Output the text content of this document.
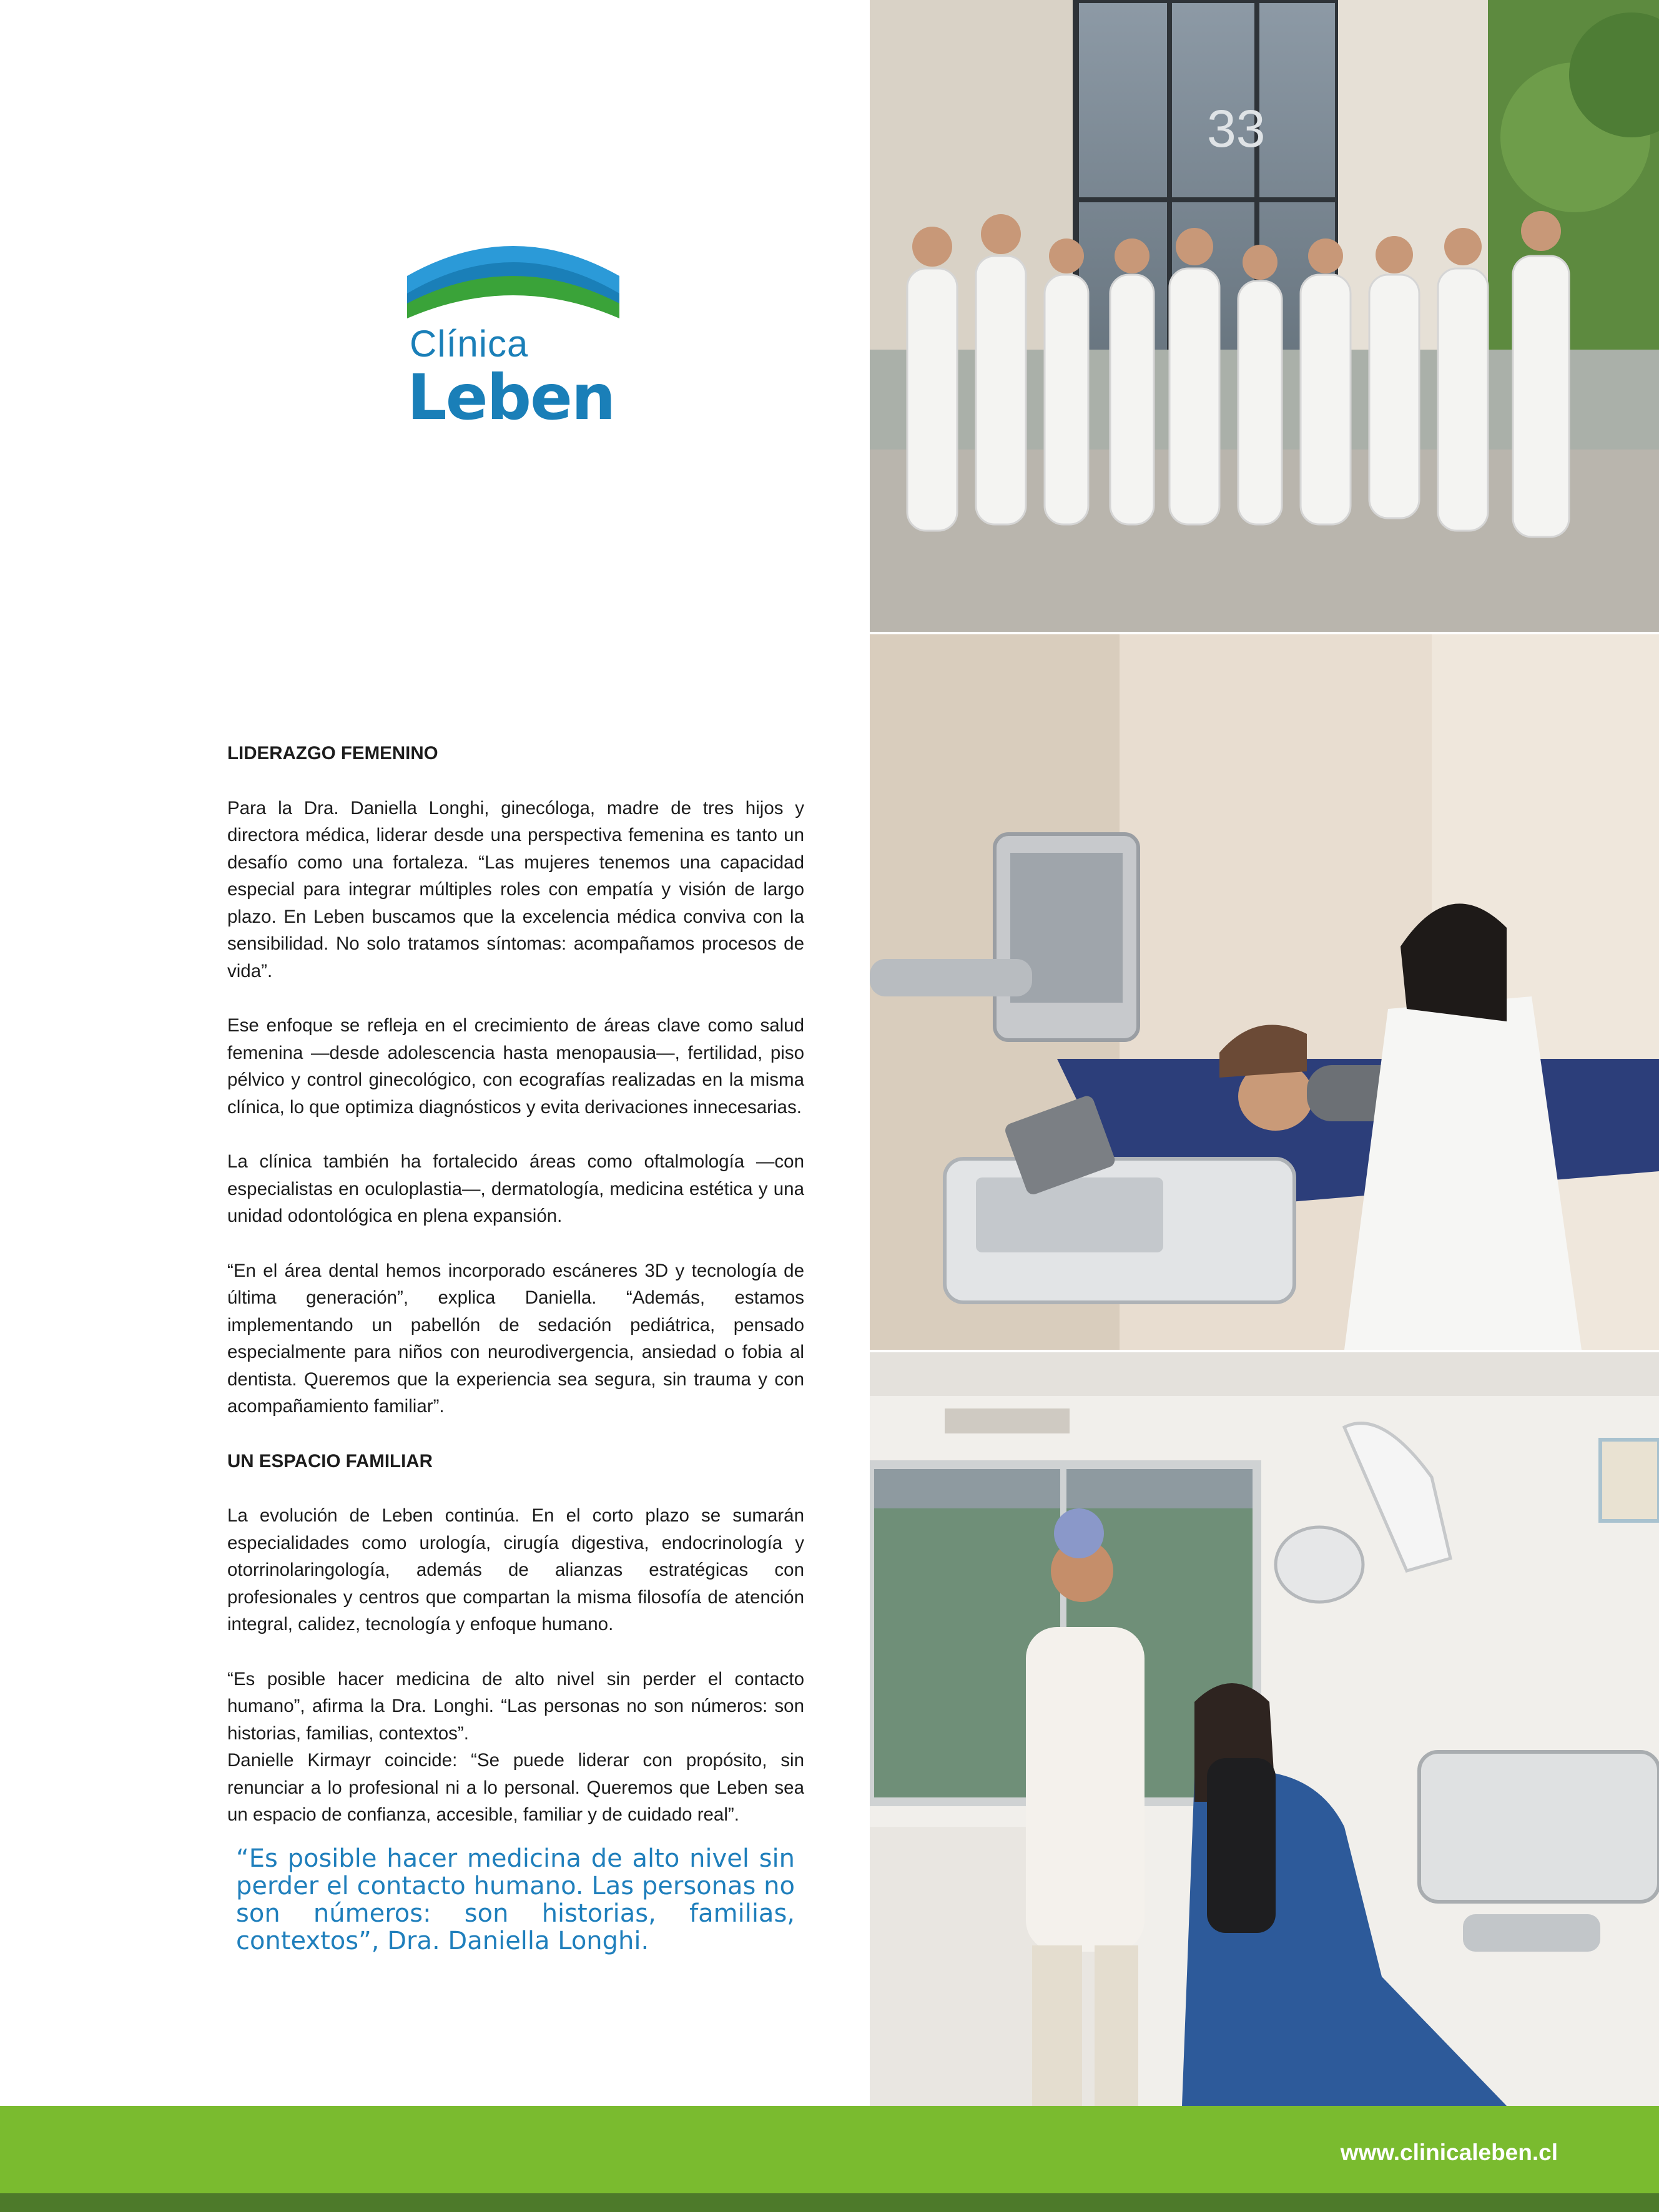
Clínica
Leben
LIDERAZGO FEMENINO

Para la Dra. Daniella Longhi, ginecóloga, madre de tres hijos y directora médica, liderar desde una perspectiva femenina es tanto un desafío como una fortaleza. “Las mujeres tenemos una capacidad especial para integrar múltiples roles con empatía y visión de largo plazo. En Leben buscamos que la excelencia médica conviva con la sensibilidad. No solo tratamos síntomas: acompañamos procesos de vida”.

Ese enfoque se refleja en el crecimiento de áreas clave como salud femenina —desde adolescencia hasta menopausia—, fertilidad, piso pélvico y control ginecológico, con ecografías realizadas en la misma clínica, lo que optimiza diagnósticos y evita derivaciones innecesarias.

La clínica también ha fortalecido áreas como oftalmología —con especialistas en oculoplastia—, dermatología, medicina estética y una unidad odontológica en plena expansión.

“En el área dental hemos incorporado escáneres 3D y tecnología de última generación”, explica Daniella. “Además, estamos implementando un pabellón de sedación pediátrica, pensado especialmente para niños con neurodivergencia, ansiedad o fobia al dentista. Queremos que la experiencia sea segura, sin trauma y con acompañamiento familiar”.

UN ESPACIO FAMILIAR

La evolución de Leben continúa. En el corto plazo se sumarán especialidades como urología, cirugía digestiva, endocrinología y otorrinolaringología, además de alianzas estratégicas con profesionales y centros que compartan la misma filosofía de atención integral, calidez, tecnología y enfoque humano.

“Es posible hacer medicina de alto nivel sin perder el contacto humano”, afirma la Dra. Longhi. “Las personas no son números: son historias, familias, contextos”.

Danielle Kirmayr coincide: “Se puede liderar con propósito, sin renunciar a lo profesional ni a lo personal. Queremos que Leben sea un espacio de confianza, accesible, familiar y de cuidado real”.

“Es posible hacer medicina de alto nivel sin perder el contacto humano. Las personas no son números: son historias, familias, contextos”, Dra. Daniella Longhi.
33
www.clinicaleben.cl
